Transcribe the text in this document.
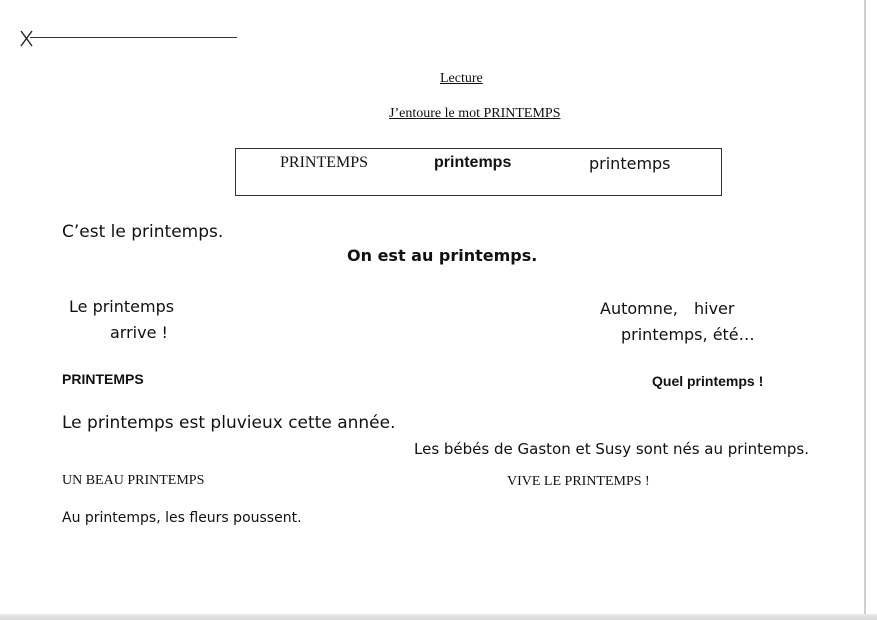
Lecture
J’entoure le mot PRINTEMPS
PRINTEMPS	printemps	printemps
C’est le printemps.
On est au printemps.
Le printemps
arrive !
Automne, hiver
printemps, été…
PRINTEMPS	Quel printemps !
Le printemps est pluvieux cette année.
Les bébés de Gaston et Susy sont nés au printemps.
UN BEAU PRINTEMPS	VIVE LE PRINTEMPS !
Au printemps, les fleurs poussent.
